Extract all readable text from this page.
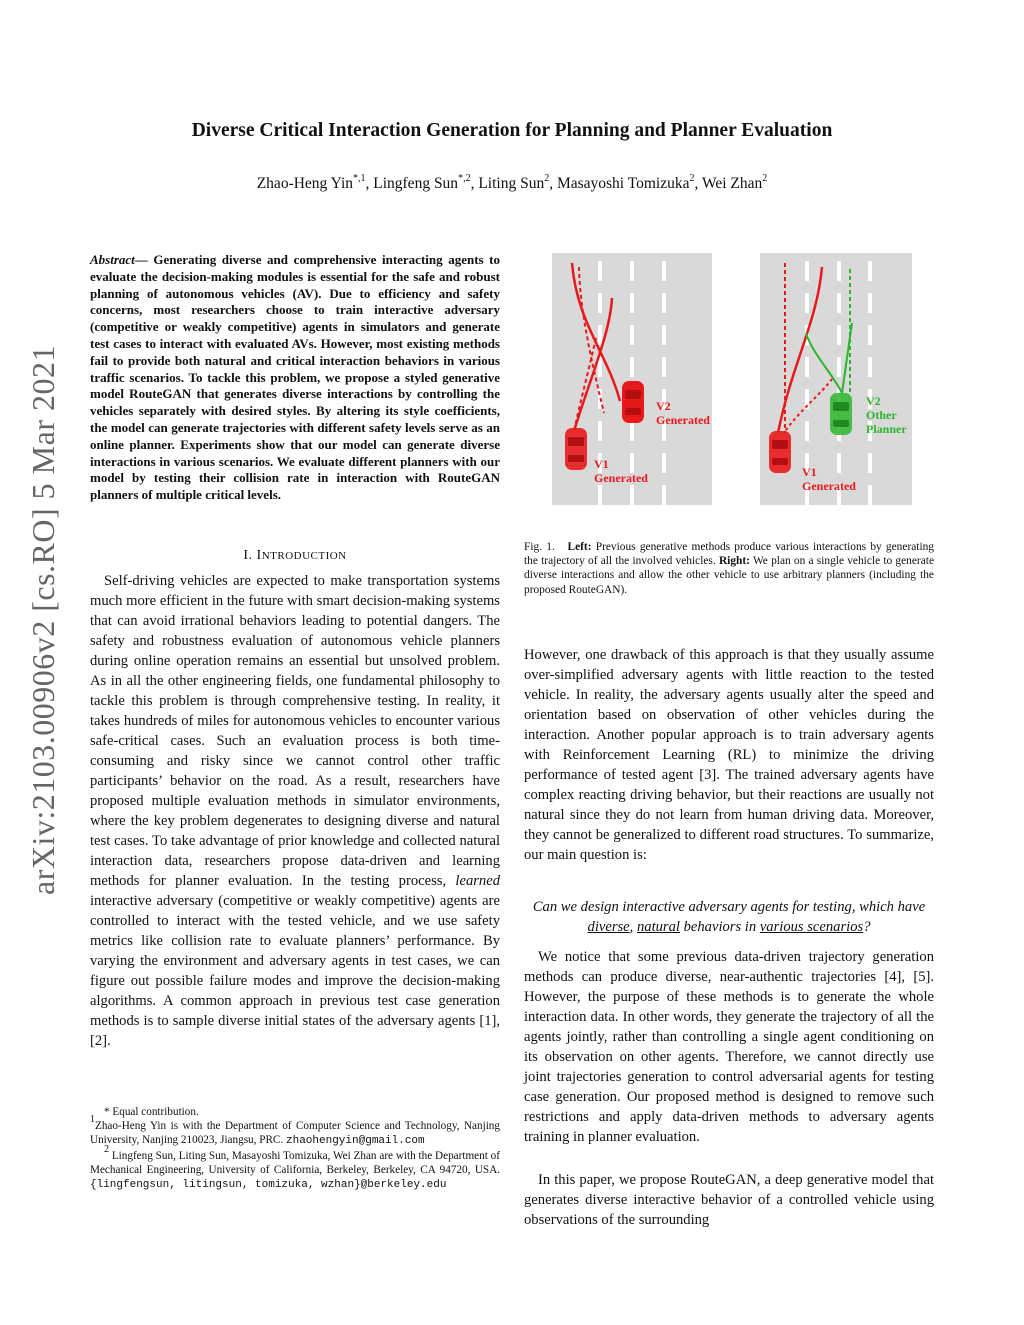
Diverse Critical Interaction Generation for Planning and Planner Evaluation
Zhao-Heng Yin$^{*,1}$, Lingfeng Sun$^{*,2}$, Liting Sun$^2$, Masayoshi Tomizuka$^2$, Wei Zhan$^2$
arXiv:2103.00906v2 [cs.RO] 5 Mar 2021
Abstract— Generating diverse and comprehensive interacting agents to evaluate the decision-making modules is essential for the safe and robust planning of autonomous vehicles (AV). Due to efficiency and safety concerns, most researchers choose to train interactive adversary (competitive or weakly competitive) agents in simulators and generate test cases to interact with evaluated AVs. However, most existing methods fail to provide both natural and critical interaction behaviors in various traffic scenarios. To tackle this problem, we propose a styled generative model RouteGAN that generates diverse interactions by controlling the vehicles separately with desired styles. By altering its style coefficients, the model can generate trajectories with different safety levels serve as an online planner. Experiments show that our model can generate diverse interactions in various scenarios. We evaluate different planners with our model by testing their collision rate in interaction with RouteGAN planners of multiple critical levels.
I. INTRODUCTION

Self-driving vehicles are expected to make transportation systems much more efficient in the future with smart decision-making systems that can avoid irrational behaviors leading to potential dangers. The safety and robustness evaluation of autonomous vehicle planners during online operation remains an essential but unsolved problem. As in all the other engineering fields, one fundamental philosophy to tackle this problem is through comprehensive testing. In reality, it takes hundreds of miles for autonomous vehicles to encounter various safe-critical cases. Such an evaluation process is both time-consuming and risky since we cannot control other traffic participants’ behavior on the road. As a result, researchers have proposed multiple evaluation methods in simulator environments, where the key problem degenerates to designing diverse and natural test cases. To take advantage of prior knowledge and collected natural interaction data, researchers propose data-driven and learning methods for planner evaluation. In the testing process, learned interactive adversary (competitive or weakly competitive) agents are controlled to interact with the tested vehicle, and we use safety metrics like collision rate to evaluate planners’ performance. By varying the environment and adversary agents in test cases, we can figure out possible failure modes and improve the decision-making algorithms. A common approach in previous test case generation methods is to sample diverse initial states of the adversary agents [1], [2].

* Equal contribution.

$^1$Zhao-Heng Yin is with the Department of Computer Science and Technology, Nanjing University, Nanjing 210023, Jiangsu, PRC. zhaohengyin@gmail.com

$^2$ Lingfeng Sun, Liting Sun, Masayoshi Tomizuka, Wei Zhan are with the Department of Mechanical Engineering, University of California, Berkeley, Berkeley, CA 94720, USA. {lingfengsun, litingsun, tomizuka, wzhan}@berkeley.edu

V2
Generated
V1
Generated
V2
Other
Planner
V1
Generated
Fig. 1. Left: Previous generative methods produce various interactions by generating the trajectory of all the involved vehicles. Right: We plan on a single vehicle to generate diverse interactions and allow the other vehicle to use arbitrary planners (including the proposed RouteGAN).

However, one drawback of this approach is that they usually assume over-simplified adversary agents with little reaction to the tested vehicle. In reality, the adversary agents usually alter the speed and orientation based on observation of other vehicles during the interaction. Another popular approach is to train adversary agents with Reinforcement Learning (RL) to minimize the driving performance of tested agent [3]. The trained adversary agents have complex reacting driving behavior, but their reactions are usually not natural since they do not learn from human driving data. Moreover, they cannot be generalized to different road structures. To summarize, our main question is:

Can we design interactive adversary agents for testing, which have diverse, natural behaviors in various scenarios?

We notice that some previous data-driven trajectory generation methods can produce diverse, near-authentic trajectories [4], [5]. However, the purpose of these methods is to generate the whole interaction data. In other words, they generate the trajectory of all the agents jointly, rather than controlling a single agent conditioning on its observation on other agents. Therefore, we cannot directly use joint trajectories generation to control adversarial agents for testing case generation. Our proposed method is designed to remove such restrictions and apply data-driven methods to adversary agents training in planner evaluation.

In this paper, we propose RouteGAN, a deep generative model that generates diverse interactive behavior of a controlled vehicle using observations of the surrounding
